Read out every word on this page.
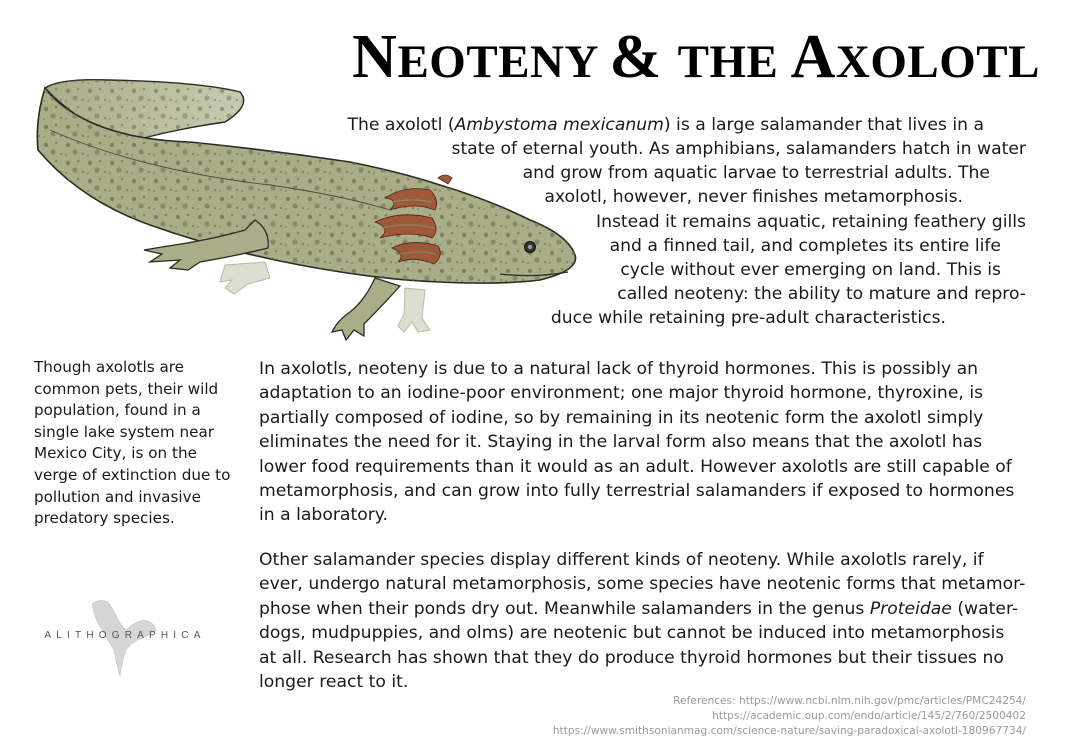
NEOTENY & THE AXOLOTL
The axolotl (Ambystoma mexicanum) is a large salamander that lives in a
state of eternal youth. As amphibians, salamanders hatch in water
and grow from aquatic larvae to terrestrial adults. The
axolotl, however, never finishes metamorphosis.
Instead it remains aquatic, retaining feathery gills
and a finned tail, and completes its entire life
cycle without ever emerging on land. This is
called neoteny: the ability to mature and repro-
duce while retaining pre-adult characteristics.
Though axolotls are
common pets, their wild
population, found in a
single lake system near
Mexico City, is on the
verge of extinction due to
pollution and invasive
predatory species.
In axolotls, neoteny is due to a natural lack of thyroid hormones. This is possibly an
adaptation to an iodine-poor environment; one major thyroid hormone, thyroxine, is
partially composed of iodine, so by remaining in its neotenic form the axolotl simply
eliminates the need for it. Staying in the larval form also means that the axolotl has
lower food requirements than it would as an adult. However axolotls are still capable of
metamorphosis, and can grow into fully terrestrial salamanders if exposed to hormones
in a laboratory.
Other salamander species display different kinds of neoteny. While axolotls rarely, if
ever, undergo natural metamorphosis, some species have neotenic forms that metamor-
phose when their ponds dry out. Meanwhile salamanders in the genus Proteidae (water-
dogs, mudpuppies, and olms) are neotenic but cannot be induced into metamorphosis
at all. Research has shown that they do produce thyroid hormones but their tissues no
longer react to it.
ALITHOGRAPHICA
References: https://www.ncbi.nlm.nih.gov/pmc/articles/PMC24254/
https://academic.oup.com/endo/article/145/2/760/2500402
https://www.smithsonianmag.com/science-nature/saving-paradoxical-axolotl-180967734/
